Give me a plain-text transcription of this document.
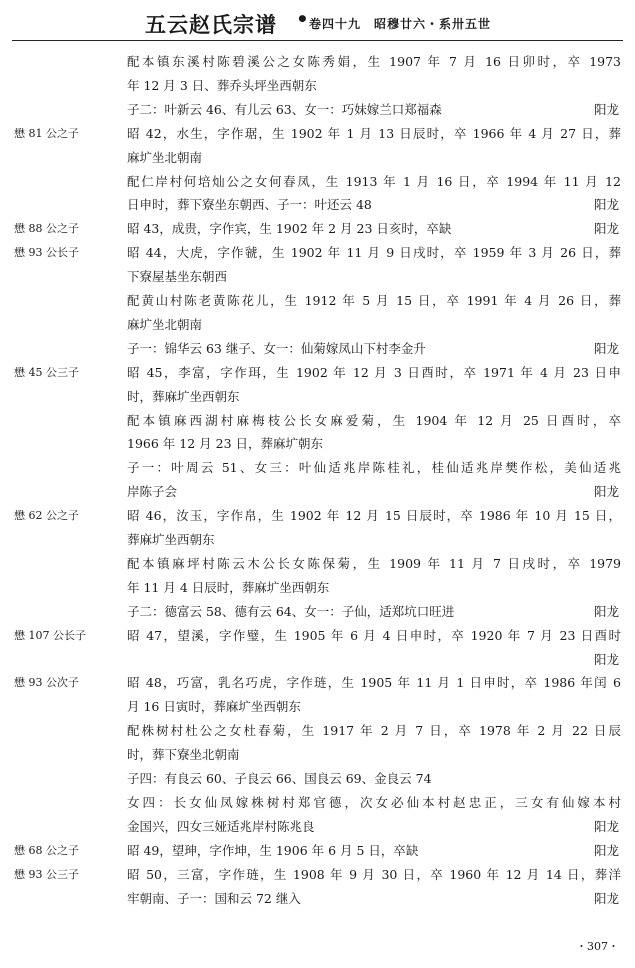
五云赵氏宗谱 • 卷四十九　昭穆廿六・系卅五世
配本镇东溪村陈碧溪公之女陈秀娟，生 1907 年 7 月 16 日卯时，卒 1973
年 12 月 3 日、葬乔头坪坐西朝东
子二：叶新云 46、有儿云 63、女一：巧妹嫁兰口郑福森	阳龙
懋 81 公之子	昭 42，水生，字作琚，生 1902 年 1 月 13 日辰时，卒 1966 年 4 月 27 日，葬
麻圹坐北朝南
配仁岸村何培灿公之女何春凤，生 1913 年 1 月 16 日，卒 1994 年 11 月 12
日申时，葬下寮坐东朝西、子一：叶还云 48	阳龙
懋 88 公之子	昭 43，成贵，字作宾，生 1902 年 2 月 23 日亥时，卒缺	阳龙
懋 93 公长子	昭 44，大虎，字作虢，生 1902 年 11 月 9 日戌时，卒 1959 年 3 月 26 日，葬
下寮屋基坐东朝西
配黄山村陈老黄陈花儿，生 1912 年 5 月 15 日，卒 1991 年 4 月 26 日，葬
麻圹坐北朝南
子一：锦华云 63 继子、女一：仙菊嫁凤山下村李金升	阳龙
懋 45 公三子	昭 45，李富，字作珥，生 1902 年 12 月 3 日酉时，卒 1971 年 4 月 23 日申
时，葬麻圹坐西朝东
配本镇麻西湖村麻梅枝公长女麻爱菊，生 1904 年 12 月 25 日酉时，卒
1966 年 12 月 23 日，葬麻圹朝东
子一：叶周云 51、女三：叶仙适兆岸陈桂礼，桂仙适兆岸樊作松，美仙适兆
岸陈子会	阳龙
懋 62 公之子	昭 46，汝玉，字作帛，生 1902 年 12 月 15 日辰时，卒 1986 年 10 月 15 日，
葬麻圹坐西朝东
配本镇麻坪村陈云木公长女陈保菊，生 1909 年 11 月 7 日戌时，卒 1979
年 11 月 4 日辰时，葬麻圹坐西朝东
子二：德富云 58、德有云 64、女一：子仙，适郑坑口旺进	阳龙
懋 107 公长子	昭 47，望溪，字作璧，生 1905 年 6 月 4 日申时，卒 1920 年 7 月 23 日酉时
阳龙
懋 93 公次子	昭 48，巧富，乳名巧虎，字作琏，生 1905 年 11 月 1 日申时，卒 1986 年闰 6
月 16 日寅时，葬麻圹坐西朝东
配株树村杜公之女杜春菊，生 1917 年 2 月 7 日，卒 1978 年 2 月 22 日辰
时，葬下寮坐北朝南
子四：有良云 60、子良云 66、国良云 69、金良云 74
女四：长女仙凤嫁株树村郑官德，次女必仙本村赵忠正，三女有仙嫁本村
金国兴，四女三娅适兆岸村陈兆良	阳龙
懋 68 公之子	昭 49，望珅，字作坤，生 1906 年 6 月 5 日，卒缺	阳龙
懋 93 公三子	昭 50，三富，字作琏，生 1908 年 9 月 30 日，卒 1960 年 12 月 14 日，葬洋
牢朝南、子一：国和云 72 继入	阳龙
・307・
